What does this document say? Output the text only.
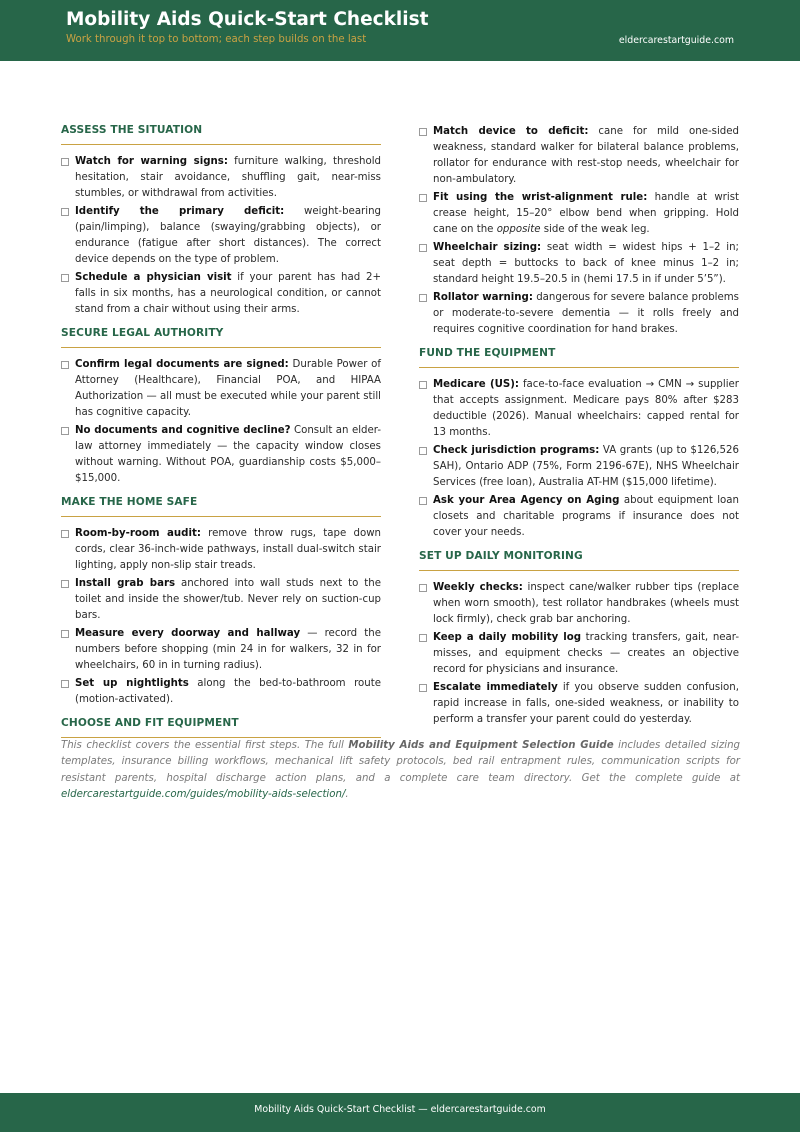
Mobility Aids Quick-Start Checklist
Work through it top to bottom; each step builds on the last	eldercarestartguide.com
ASSESS THE SITUATION
Watch for warning signs: furniture walking, threshold hesitation, stair avoidance, shuffling gait, near-miss stumbles, or withdrawal from activities.
Identify the primary deficit: weight-bearing (pain/limping), balance (swaying/grabbing objects), or endurance (fatigue after short distances). The correct device depends on the type of problem.
Schedule a physician visit if your parent has had 2+ falls in six months, has a neurological condition, or cannot stand from a chair without using their arms.
SECURE LEGAL AUTHORITY
Confirm legal documents are signed: Durable Power of Attorney (Healthcare), Financial POA, and HIPAA Authorization — all must be executed while your parent still has cognitive capacity.
No documents and cognitive decline? Consult an elder-law attorney immediately — the capacity window closes without warning. Without POA, guardianship costs $5,000–$15,000.
MAKE THE HOME SAFE
Room-by-room audit: remove throw rugs, tape down cords, clear 36-inch-wide pathways, install dual-switch stair lighting, apply non-slip stair treads.
Install grab bars anchored into wall studs next to the toilet and inside the shower/tub. Never rely on suction-cup bars.
Measure every doorway and hallway — record the numbers before shopping (min 24 in for walkers, 32 in for wheelchairs, 60 in in turning radius).
Set up nightlights along the bed-to-bathroom route (motion-activated).
CHOOSE AND FIT EQUIPMENT
Match device to deficit: cane for mild one-sided weakness, standard walker for bilateral balance problems, rollator for endurance with rest-stop needs, wheelchair for non-ambulatory.
Fit using the wrist-alignment rule: handle at wrist crease height, 15–20° elbow bend when gripping. Hold cane on the opposite side of the weak leg.
Wheelchair sizing: seat width = widest hips + 1–2 in; seat depth = buttocks to back of knee minus 1–2 in; standard height 19.5–20.5 in (hemi 17.5 in if under 5’5”).
Rollator warning: dangerous for severe balance problems or moderate-to-severe dementia — it rolls freely and requires cognitive coordination for hand brakes.
FUND THE EQUIPMENT
Medicare (US): face-to-face evaluation → CMN → supplier that accepts assignment. Medicare pays 80% after $283 deductible (2026). Manual wheelchairs: capped rental for 13 months.
Check jurisdiction programs: VA grants (up to $126,526 SAH), Ontario ADP (75%, Form 2196-67E), NHS Wheelchair Services (free loan), Australia AT-HM ($15,000 lifetime).
Ask your Area Agency on Aging about equipment loan closets and charitable programs if insurance does not cover your needs.
SET UP DAILY MONITORING
Weekly checks: inspect cane/walker rubber tips (replace when worn smooth), test rollator handbrakes (wheels must lock firmly), check grab bar anchoring.
Keep a daily mobility log tracking transfers, gait, near-misses, and equipment checks — creates an objective record for physicians and insurance.
Escalate immediately if you observe sudden confusion, rapid increase in falls, one-sided weakness, or inability to perform a transfer your parent could do yesterday.
This checklist covers the essential first steps. The full Mobility Aids and Equipment Selection Guide includes detailed sizing templates, insurance billing workflows, mechanical lift safety protocols, bed rail entrapment rules, communication scripts for resistant parents, hospital discharge action plans, and a complete care team directory. Get the complete guide at eldercarestartguide.com/guides/mobility-aids-selection/.
Mobility Aids Quick-Start Checklist — eldercarestartguide.com
